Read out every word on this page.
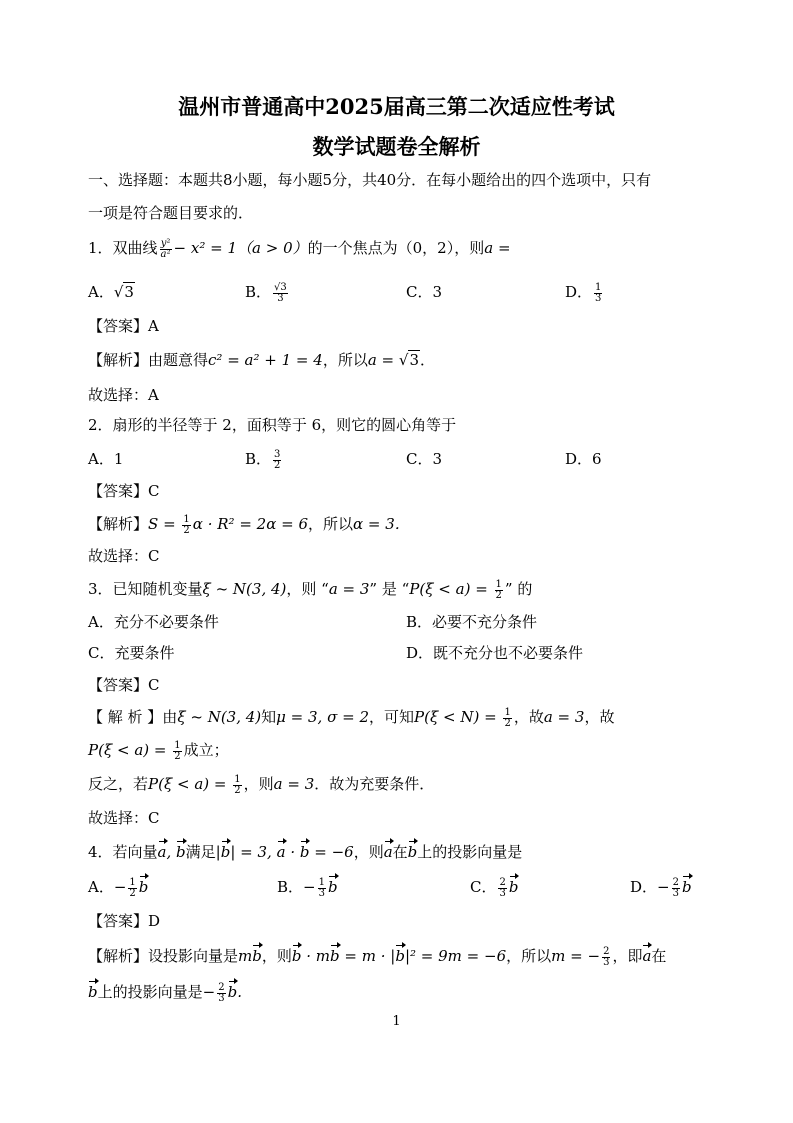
温州市普通高中2025届高三第二次适应性考试
数学试题卷全解析
一、选择题：本题共8小题，每小题5分，共40分．在每小题给出的四个选项中，只有
一项是符合题目要求的．
1．双曲线 $\frac{\text{y²}}{\text{a²}} - x^2 = 1(a > 0)$的一个焦点为（0，2），则a =
A．√3	B． $\frac{√3}{3}$	C．3	D． $\frac{1}{3}$
【答案】A
【解析】由题意得c² = a² + 1 = 4，所以a = √3．
故选择：A
2．扇形的半径等于 2，面积等于 6，则它的圆心角等于
A．1	B． $\frac{3}{2}$	C．3	D．6
【答案】C
【解析】$S = \frac{1}{2}$ α · R² = 2α = 6，所以α = 3．
故选择：C
3．已知随机变量ξ ~ N(3, 4)，则 “a = 3” 是 “$P(\xi < a) = \frac{1}{2}$ ” 的
A．充分不必要条件	B．必要不充分条件
C．充要条件	D．既不充分也不必要条件
【答案】C
【 解 析 】由ξ ~ N(3, 4)知μ = 3, σ = 2，可知$P(\xi < N) = \frac{1}{2}$ ，故a = 3，故
$P(\xi < a) = \frac{1}{2}$ 成立；
反之，若$P(\xi < a) = \frac{1}{2}$ ，则a = 3．故为充要条件．
故选择：C
4．若向量a, b满足|b| = 3, a · b = −6，则a在b上的投影向量是
A．− $\frac{1}{2}$ b	B．− $\frac{1}{3}$ b	C． $\frac{2}{3}$ b	D．− $\frac{2}{3}$ b
【答案】D
【解析】设投影向量是mb，则b · mb = m · |b|² = 9m = −6，所以m = − $\frac{2}{3}$ ，即a在
b上的投影向量是− $\frac{2}{3} b$.
1
